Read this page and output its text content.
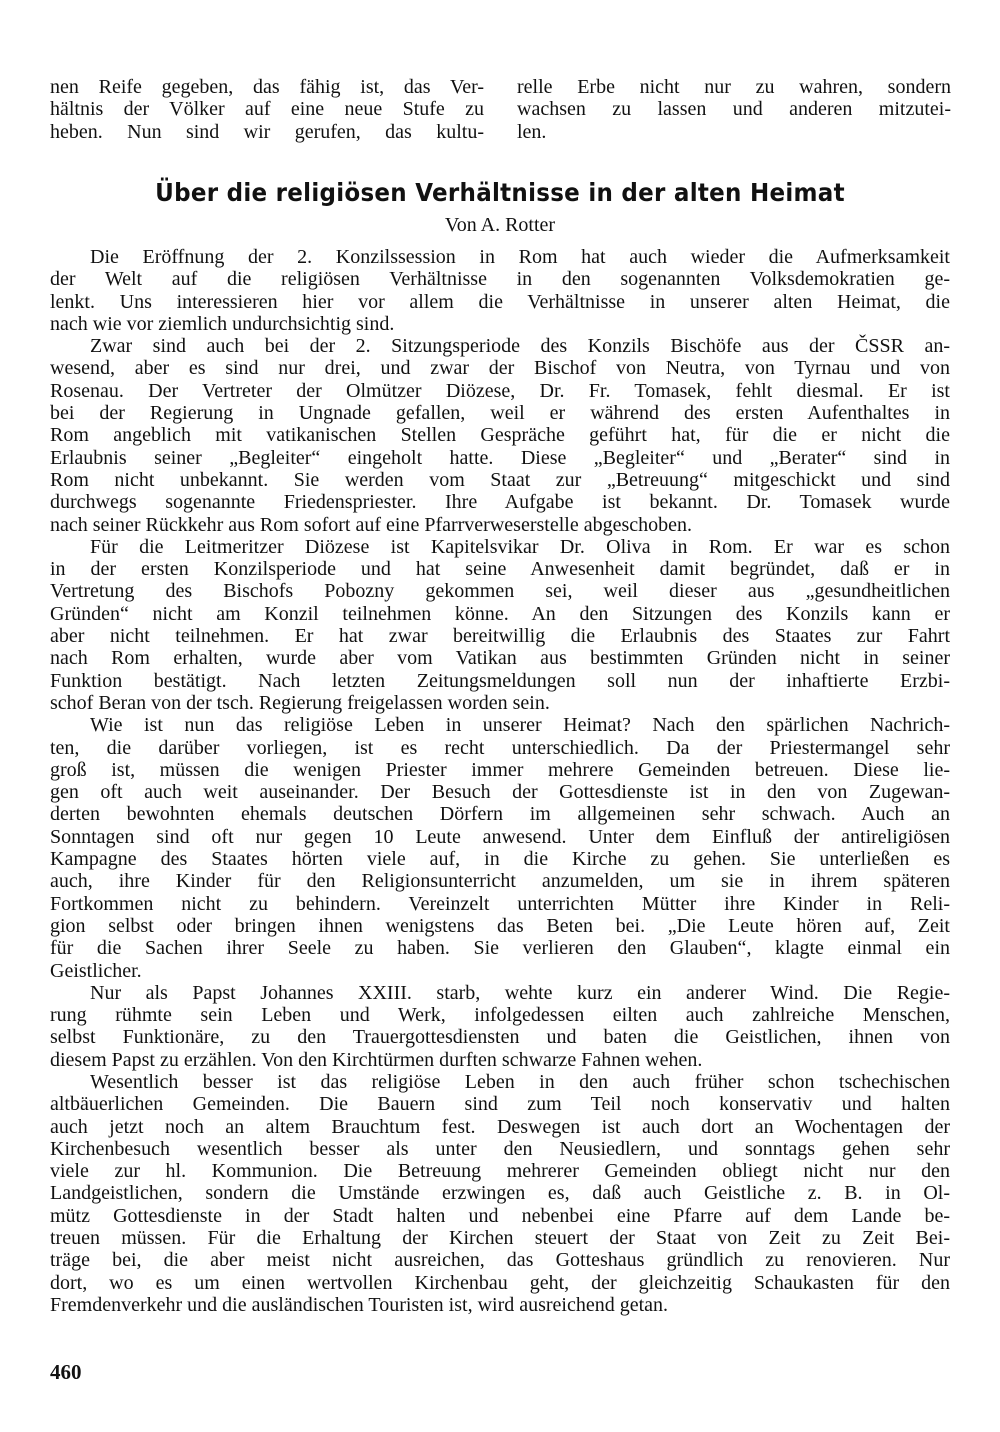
nen Reife gegeben, das fähig ist, das Ver-
hältnis der Völker auf eine neue Stufe zu
heben. Nun sind wir gerufen, das kultu-
relle Erbe nicht nur zu wahren, sondern
wachsen zu lassen und anderen mitzutei-
len.
Über die religiösen Verhältnisse in der alten Heimat
Von A. Rotter
Die Eröffnung der 2. Konzilssession in Rom hat auch wieder die Aufmerksamkeit
der Welt auf die religiösen Verhältnisse in den sogenannten Volksdemokratien ge-
lenkt. Uns interessieren hier vor allem die Verhältnisse in unserer alten Heimat, die
nach wie vor ziemlich undurchsichtig sind.
Zwar sind auch bei der 2. Sitzungsperiode des Konzils Bischöfe aus der ČSSR an-
wesend, aber es sind nur drei, und zwar der Bischof von Neutra, von Tyrnau und von
Rosenau. Der Vertreter der Olmützer Diözese, Dr. Fr. Tomasek, fehlt diesmal. Er ist
bei der Regierung in Ungnade gefallen, weil er während des ersten Aufenthaltes in
Rom angeblich mit vatikanischen Stellen Gespräche geführt hat, für die er nicht die
Erlaubnis seiner „Begleiter“ eingeholt hatte. Diese „Begleiter“ und „Berater“ sind in
Rom nicht unbekannt. Sie werden vom Staat zur „Betreuung“ mitgeschickt und sind
durchwegs sogenannte Friedenspriester. Ihre Aufgabe ist bekannt. Dr. Tomasek wurde
nach seiner Rückkehr aus Rom sofort auf eine Pfarrverweserstelle abgeschoben.
Für die Leitmeritzer Diözese ist Kapitelsvikar Dr. Oliva in Rom. Er war es schon
in der ersten Konzilsperiode und hat seine Anwesenheit damit begründet, daß er in
Vertretung des Bischofs Pobozny gekommen sei, weil dieser aus „gesundheitlichen
Gründen“ nicht am Konzil teilnehmen könne. An den Sitzungen des Konzils kann er
aber nicht teilnehmen. Er hat zwar bereitwillig die Erlaubnis des Staates zur Fahrt
nach Rom erhalten, wurde aber vom Vatikan aus bestimmten Gründen nicht in seiner
Funktion bestätigt. Nach letzten Zeitungsmeldungen soll nun der inhaftierte Erzbi-
schof Beran von der tsch. Regierung freigelassen worden sein.
Wie ist nun das religiöse Leben in unserer Heimat? Nach den spärlichen Nachrich-
ten, die darüber vorliegen, ist es recht unterschiedlich. Da der Priestermangel sehr
groß ist, müssen die wenigen Priester immer mehrere Gemeinden betreuen. Diese lie-
gen oft auch weit auseinander. Der Besuch der Gottesdienste ist in den von Zugewan-
derten bewohnten ehemals deutschen Dörfern im allgemeinen sehr schwach. Auch an
Sonntagen sind oft nur gegen 10 Leute anwesend. Unter dem Einfluß der antireligiösen
Kampagne des Staates hörten viele auf, in die Kirche zu gehen. Sie unterließen es
auch, ihre Kinder für den Religionsunterricht anzumelden, um sie in ihrem späteren
Fortkommen nicht zu behindern. Vereinzelt unterrichten Mütter ihre Kinder in Reli-
gion selbst oder bringen ihnen wenigstens das Beten bei. „Die Leute hören auf, Zeit
für die Sachen ihrer Seele zu haben. Sie verlieren den Glauben“, klagte einmal ein
Geistlicher.
Nur als Papst Johannes XXIII. starb, wehte kurz ein anderer Wind. Die Regie-
rung rühmte sein Leben und Werk, infolgedessen eilten auch zahlreiche Menschen,
selbst Funktionäre, zu den Trauergottesdiensten und baten die Geistlichen, ihnen von
diesem Papst zu erzählen. Von den Kirchtürmen durften schwarze Fahnen wehen.
Wesentlich besser ist das religiöse Leben in den auch früher schon tschechischen
altbäuerlichen Gemeinden. Die Bauern sind zum Teil noch konservativ und halten
auch jetzt noch an altem Brauchtum fest. Deswegen ist auch dort an Wochentagen der
Kirchenbesuch wesentlich besser als unter den Neusiedlern, und sonntags gehen sehr
viele zur hl. Kommunion. Die Betreuung mehrerer Gemeinden obliegt nicht nur den
Landgeistlichen, sondern die Umstände erzwingen es, daß auch Geistliche z. B. in Ol-
mütz Gottesdienste in der Stadt halten und nebenbei eine Pfarre auf dem Lande be-
treuen müssen. Für die Erhaltung der Kirchen steuert der Staat von Zeit zu Zeit Bei-
träge bei, die aber meist nicht ausreichen, das Gotteshaus gründlich zu renovieren. Nur
dort, wo es um einen wertvollen Kirchenbau geht, der gleichzeitig Schaukasten für den
Fremdenverkehr und die ausländischen Touristen ist, wird ausreichend getan.
460
